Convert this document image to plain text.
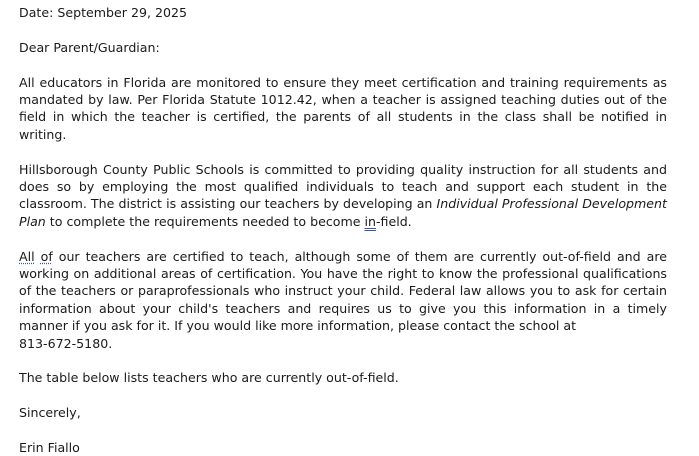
Date: September 29, 2025

Dear Parent/Guardian:

All educators in Florida are monitored to ensure they meet certification and training requirements as mandated by law. Per Florida Statute 1012.42, when a teacher is assigned teaching duties out of the field in which the teacher is certified, the parents of all students in the class shall be notified in writing.

Hillsborough County Public Schools is committed to providing quality instruction for all students and does so by employing the most qualified individuals to teach and support each student in the classroom. The district is assisting our teachers by developing an Individual Professional Development Plan to complete the requirements needed to become in-field.

All of our teachers are certified to teach, although some of them are currently out-of-field and are working on additional areas of certification. You have the right to know the professional qualifications of the teachers or paraprofessionals who instruct your child. Federal law allows you to ask for certain information about your child's teachers and requires us to give you this information in a timely manner if you ask for it. If you would like more information, please contact the school at
813-672-5180.

The table below lists teachers who are currently out-of-field.

Sincerely,

Erin Fiallo
